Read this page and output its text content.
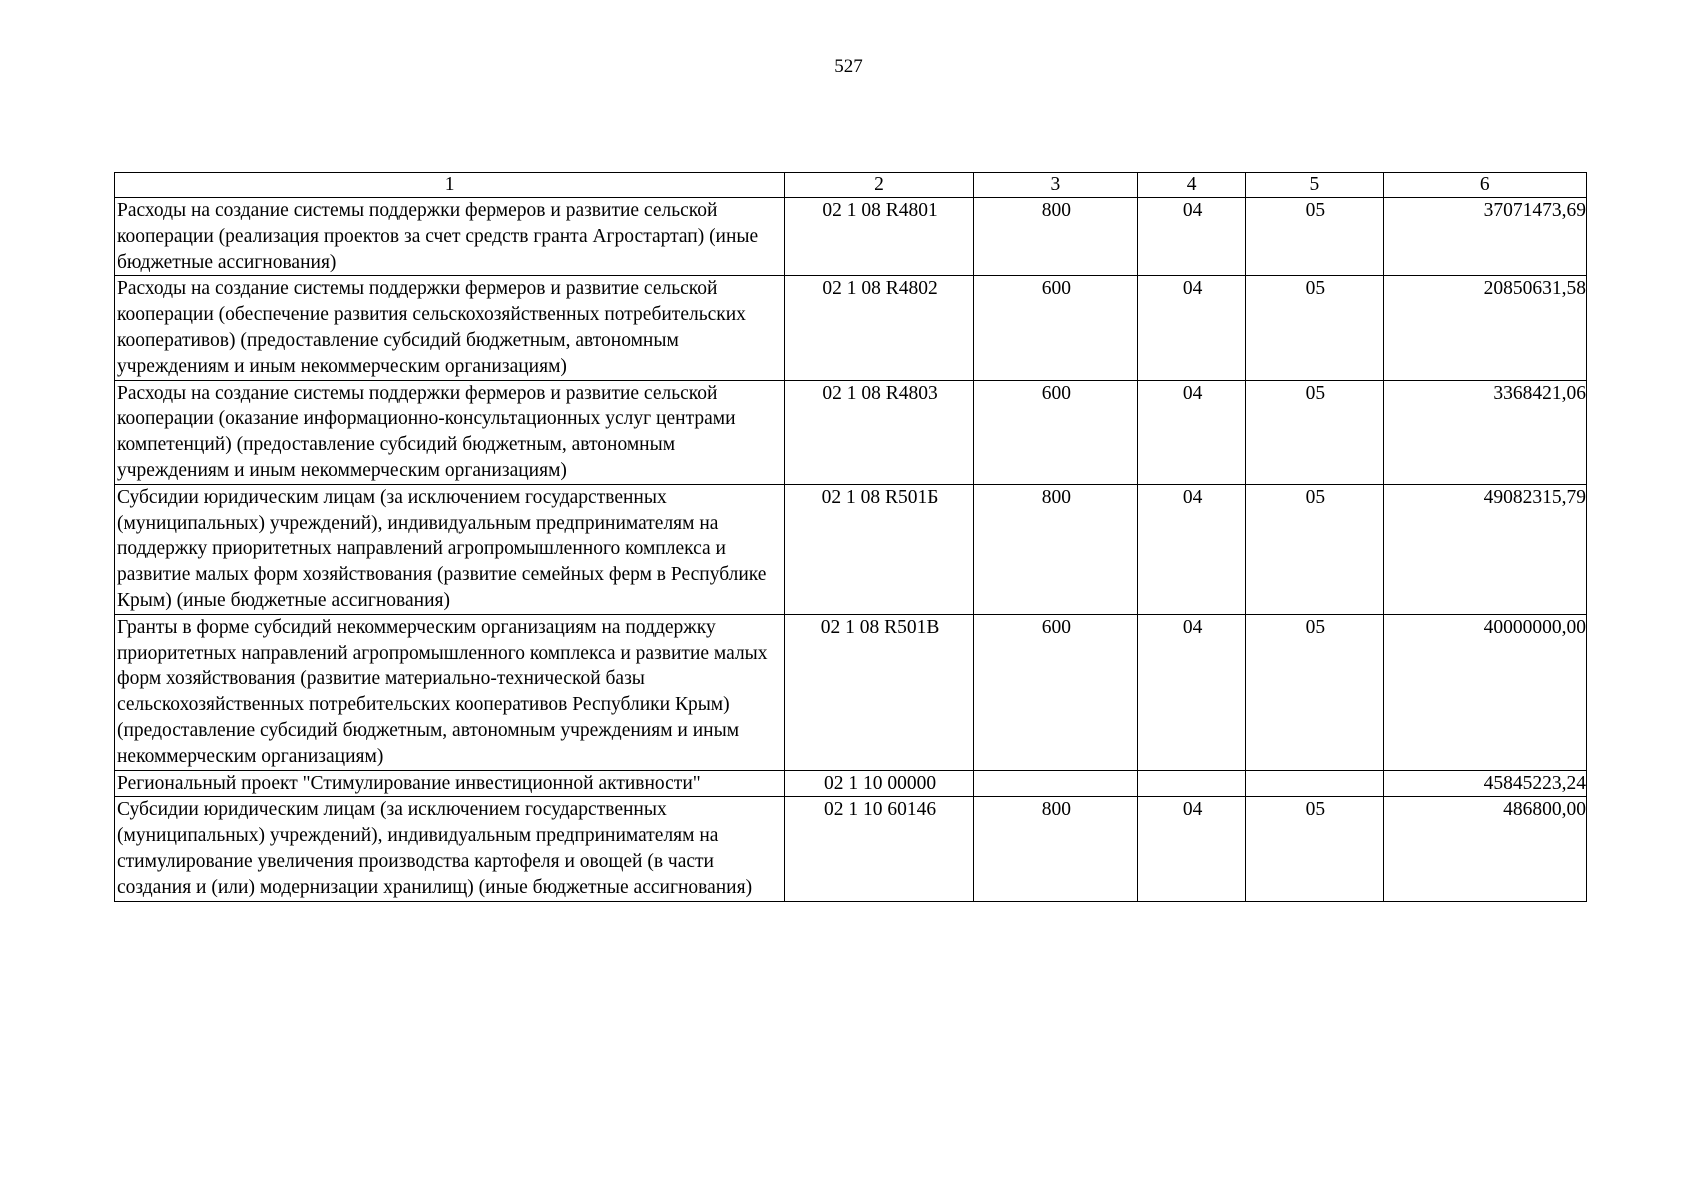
527
1	2	3	4	5	6
Расходы на создание системы поддержки фермеров и развитие сельской кооперации (реализация проектов за счет средств гранта Агростартап) (иные бюджетные ассигнования)	02 1 08 R4801	800	04	05	37071473,69
Расходы на создание системы поддержки фермеров и развитие сельской кооперации (обеспечение развития сельскохозяйственных потребительских кооперативов) (предоставление субсидий бюджетным, автономным учреждениям и иным некоммерческим организациям)	02 1 08 R4802	600	04	05	20850631,58
Расходы на создание системы поддержки фермеров и развитие сельской кооперации (оказание информационно-консультационных услуг центрами компетенций) (предоставление субсидий бюджетным, автономным учреждениям и иным некоммерческим организациям)	02 1 08 R4803	600	04	05	3368421,06
Субсидии юридическим лицам (за исключением государственных (муниципальных) учреждений), индивидуальным предпринимателям на поддержку приоритетных направлений агропромышленного комплекса и развитие малых форм хозяйствования (развитие семейных ферм в Республике Крым) (иные бюджетные ассигнования)	02 1 08 R501Б	800	04	05	49082315,79
Гранты в форме субсидий некоммерческим организациям на поддержку приоритетных направлений агропромышленного комплекса и развитие малых форм хозяйствования (развитие материально-технической базы сельскохозяйственных потребительских кооперативов Республики Крым) (предоставление субсидий бюджетным, автономным учреждениям и иным некоммерческим организациям)	02 1 08 R501В	600	04	05	40000000,00
Региональный проект "Стимулирование инвестиционной активности"	02 1 10 00000				45845223,24
Субсидии юридическим лицам (за исключением государственных (муниципальных) учреждений), индивидуальным предпринимателям на стимулирование увеличения производства картофеля и овощей (в части создания и (или) модернизации хранилищ) (иные бюджетные ассигнования)	02 1 10 60146	800	04	05	486800,00
